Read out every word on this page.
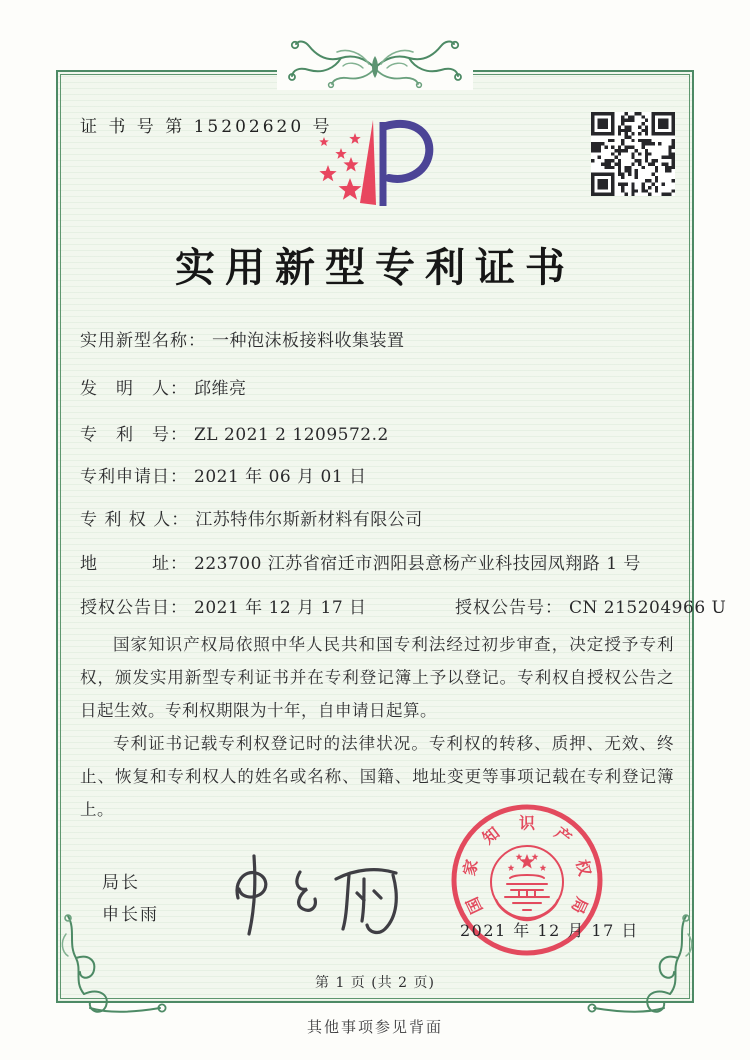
证 书 号 第 15202620 号
实用新型专利证书
实用新型名称： 一种泡沫板接料收集装置
发　明　人： 邱维亮
专　利　号： ZL 2021 2 1209572.2
专利申请日： 2021 年 06 月 01 日
专 利 权 人： 江苏特伟尔斯新材料有限公司
地　　　址： 223700 江苏省宿迁市泗阳县意杨产业科技园凤翔路 1 号
授权公告日： 2021 年 12 月 17 日	授权公告号： CN 215204966 U

国家知识产权局依照中华人民共和国专利法经过初步审查，决定授予专利权，颁发实用新型专利证书并在专利登记簿上予以登记。专利权自授权公告之日起生效。专利权期限为十年，自申请日起算。

专利证书记载专利权登记时的法律状况。专利权的转移、质押、无效、终止、恢复和专利权人的姓名或名称、国籍、地址变更等事项记载在专利登记簿上。

局长
申长雨	国
家
知
识
产
权
局
2021 年 12 月 17 日
第 1 页 (共 2 页)
其他事项参见背面
